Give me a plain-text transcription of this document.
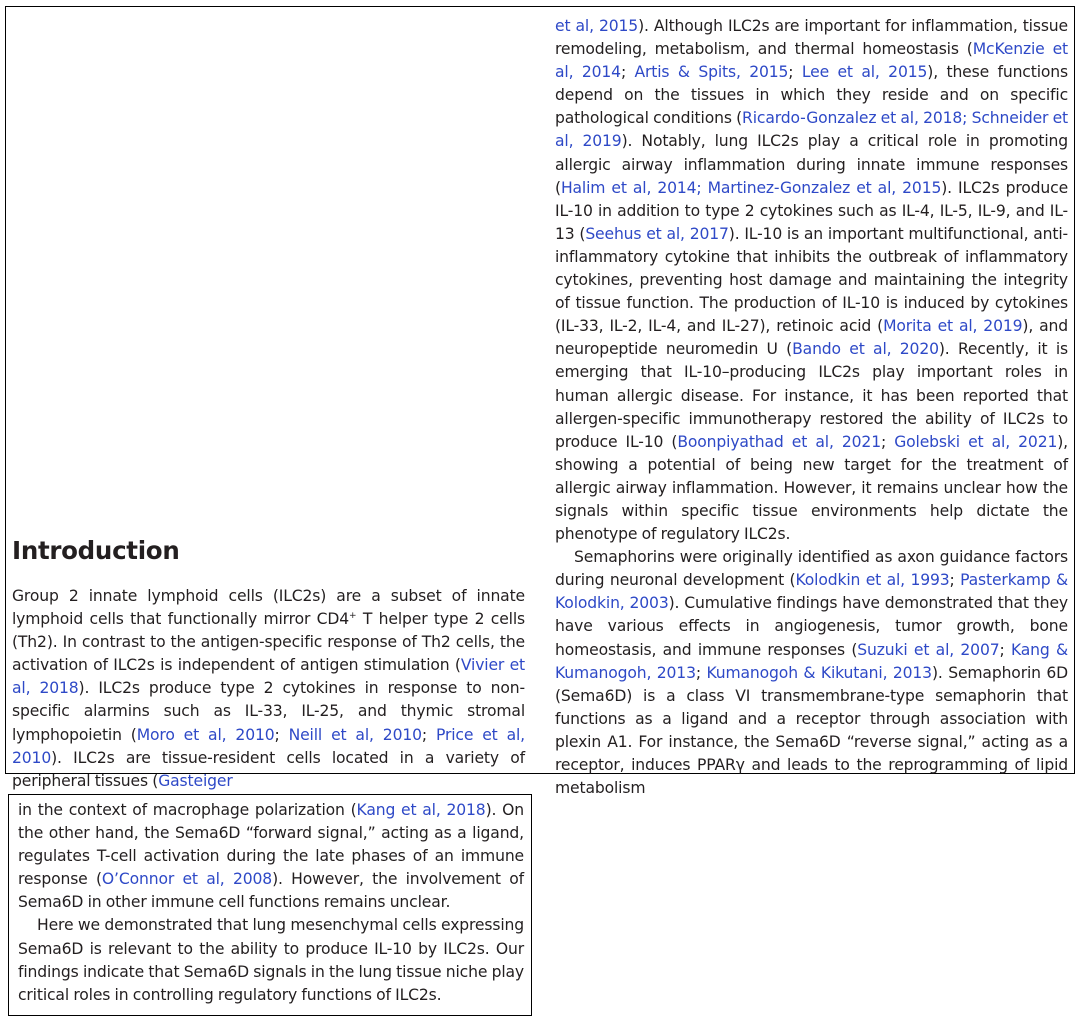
et al, 2015). Although ILC2s are important for inflammation, tissue remodeling, metabolism, and thermal homeostasis (McKenzie et al, 2014; Artis & Spits, 2015; Lee et al, 2015), these functions depend on the tissues in which they reside and on specific pathological conditions (Ricardo-Gonzalez et al, 2018; Schneider et al, 2019). Notably, lung ILC2s play a critical role in promoting allergic airway inflammation during innate immune responses (Halim et al, 2014; Martinez-Gonzalez et al, 2015). ILC2s produce IL-10 in addition to type 2 cytokines such as IL-4, IL-5, IL-9, and IL-13 (Seehus et al, 2017). IL-10 is an important multifunctional, anti-inflammatory cytokine that inhibits the outbreak of inflammatory cytokines, preventing host damage and maintaining the integrity of tissue function. The production of IL-10 is induced by cytokines (IL-33, IL-2, IL-4, and IL-27), retinoic acid (Morita et al, 2019), and neuropeptide neuromedin U (Bando et al, 2020). Recently, it is emerging that IL-10–producing ILC2s play important roles in human allergic disease. For instance, it has been reported that allergen-specific immunotherapy restored the ability of ILC2s to produce IL-10 (Boonpiyathad et al, 2021; Golebski et al, 2021), showing a potential of being new target for the treatment of allergic airway inflammation. However, it remains unclear how the signals within specific tissue environments help dictate the phenotype of regulatory ILC2s.

Semaphorins were originally identified as axon guidance factors during neuronal development (Kolodkin et al, 1993; Pasterkamp & Kolodkin, 2003). Cumulative findings have demonstrated that they have various effects in angiogenesis, tumor growth, bone homeostasis, and immune responses (Suzuki et al, 2007; Kang & Kumanogoh, 2013; Kumanogoh & Kikutani, 2013). Semaphorin 6D (Sema6D) is a class VI transmembrane-type semaphorin that functions as a ligand and a receptor through association with plexin A1. For instance, the Sema6D “reverse signal,” acting as a receptor, induces PPARγ and leads to the reprogramming of lipid metabolism

Introduction

Group 2 innate lymphoid cells (ILC2s) are a subset of innate lymphoid cells that functionally mirror CD4+ T helper type 2 cells (Th2). In contrast to the antigen-specific response of Th2 cells, the activation of ILC2s is independent of antigen stimulation (Vivier et al, 2018). ILC2s produce type 2 cytokines in response to non-specific alarmins such as IL-33, IL-25, and thymic stromal lymphopoietin (Moro et al, 2010; Neill et al, 2010; Price et al, 2010). ILC2s are tissue-resident cells located in a variety of peripheral tissues (Gasteiger

in the context of macrophage polarization (Kang et al, 2018). On the other hand, the Sema6D “forward signal,” acting as a ligand, regulates T-cell activation during the late phases of an immune response (O’Connor et al, 2008). However, the involvement of Sema6D in other immune cell functions remains unclear.

Here we demonstrated that lung mesenchymal cells expressing Sema6D is relevant to the ability to produce IL-10 by ILC2s. Our findings indicate that Sema6D signals in the lung tissue niche play critical roles in controlling regulatory functions of ILC2s.
